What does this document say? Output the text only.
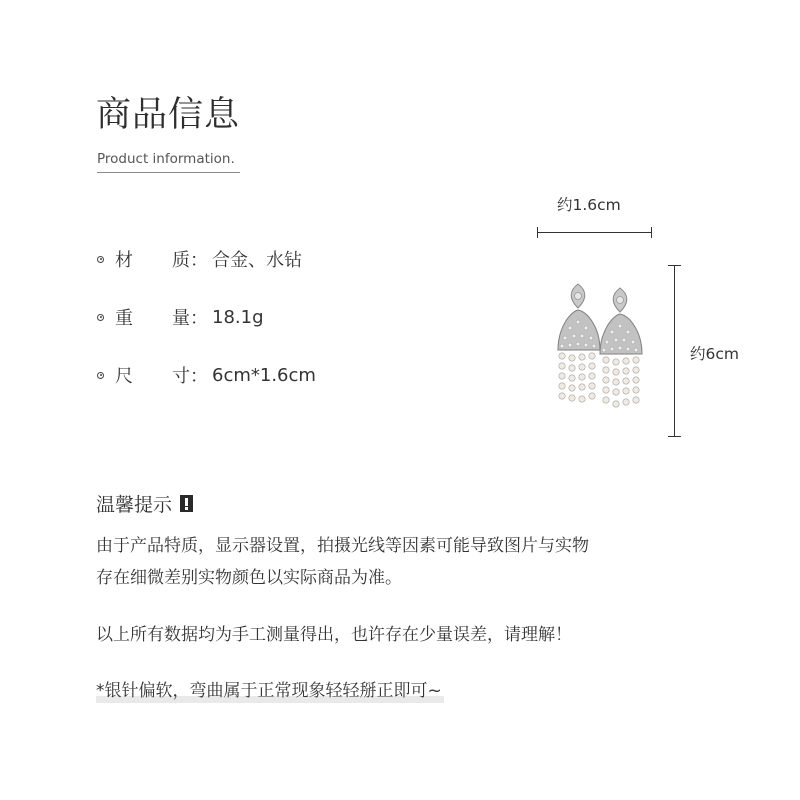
商品信息
Product information.
材 质 ： 合金、水钻
重 量 ： 18.1g
尺 寸 ： 6cm*1.6cm
约1.6cm
约6cm
温馨提示
由于产品特质，显示器设置，拍摄光线等因素可能导致图片与实物
存在细微差别实物颜色以实际商品为准。
以上所有数据均为手工测量得出，也许存在少量误差，请理解！
*银针偏软，弯曲属于正常现象轻轻掰正即可~
